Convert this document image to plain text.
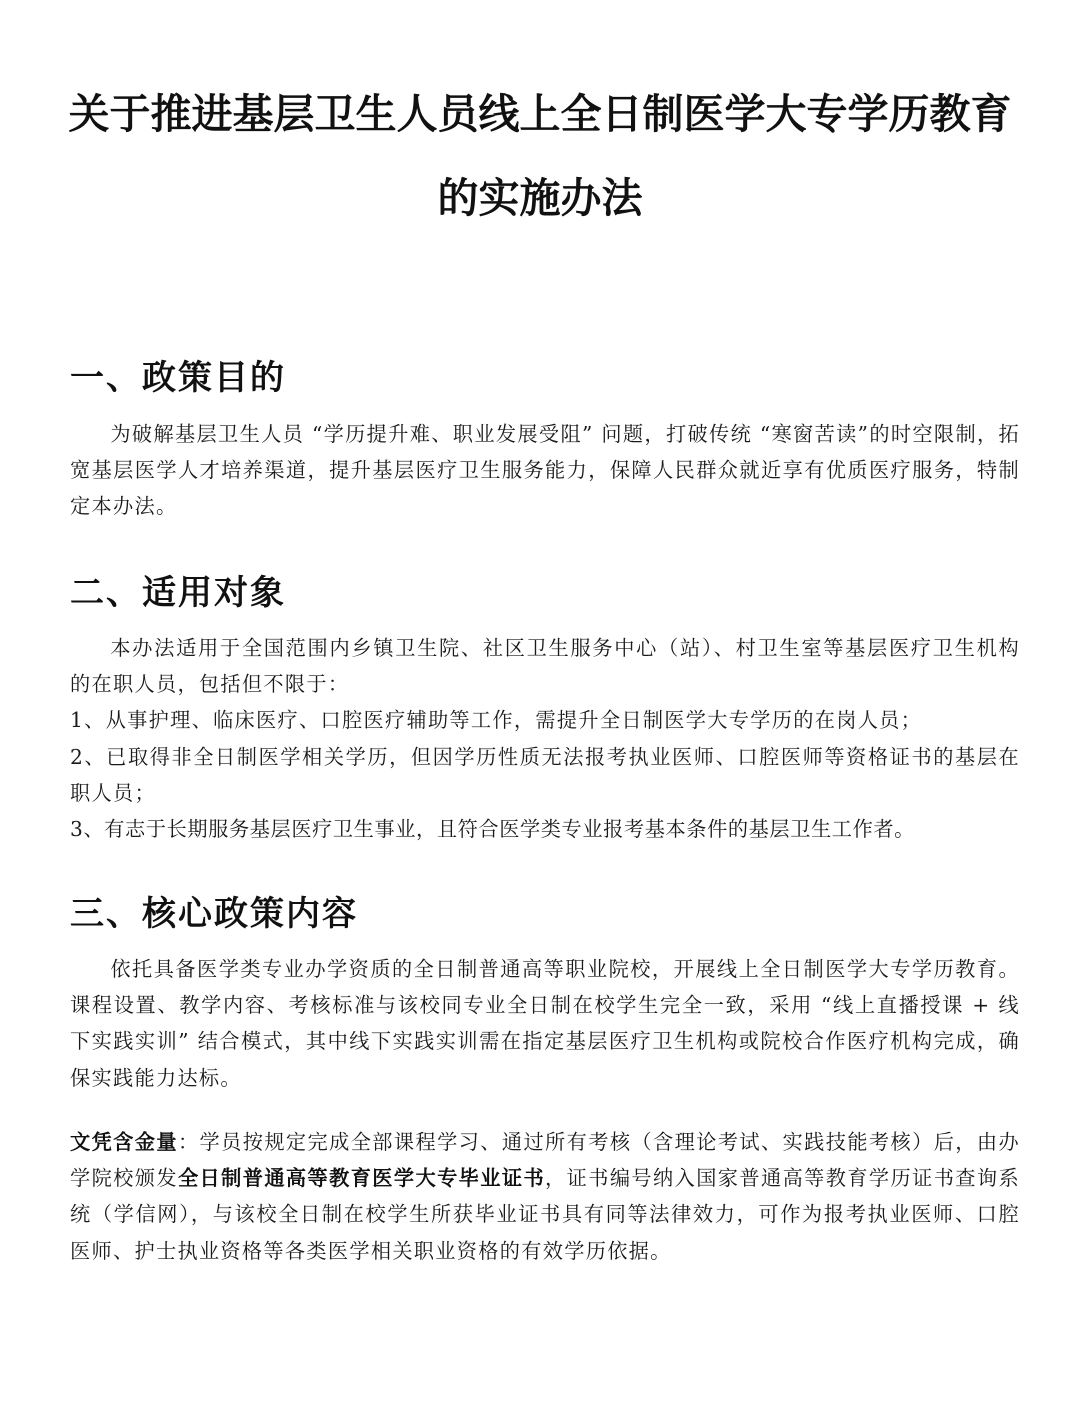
关于推进基层卫生人员线上全日制医学大专学历教育
的实施办法
一、政策目的

为破解基层卫生人员 “学历提升难、职业发展受阻” 问题，打破传统 “寒窗苦读”的时空限制，拓宽基层医学人才培养渠道，提升基层医疗卫生服务能力，保障人民群众就近享有优质医疗服务，特制定本办法。

二、适用对象

本办法适用于全国范围内乡镇卫生院、社区卫生服务中心（站）、村卫生室等基层医疗卫生机构的在职人员，包括但不限于：

1、从事护理、临床医疗、口腔医疗辅助等工作，需提升全日制医学大专学历的在岗人员；

2、已取得非全日制医学相关学历，但因学历性质无法报考执业医师、口腔医师等资格证书的基层在职人员；

3、有志于长期服务基层医疗卫生事业，且符合医学类专业报考基本条件的基层卫生工作者。

三、核心政策内容

依托具备医学类专业办学资质的全日制普通高等职业院校，开展线上全日制医学大专学历教育。课程设置、教学内容、考核标准与该校同专业全日制在校学生完全一致，采用 “线上直播授课 + 线下实践实训” 结合模式，其中线下实践实训需在指定基层医疗卫生机构或院校合作医疗机构完成，确保实践能力达标。

文凭含金量：学员按规定完成全部课程学习、通过所有考核（含理论考试、实践技能考核）后，由办学院校颁发全日制普通高等教育医学大专毕业证书，证书编号纳入国家普通高等教育学历证书查询系统（学信网），与该校全日制在校学生所获毕业证书具有同等法律效力，可作为报考执业医师、口腔医师、护士执业资格等各类医学相关职业资格的有效学历依据。
